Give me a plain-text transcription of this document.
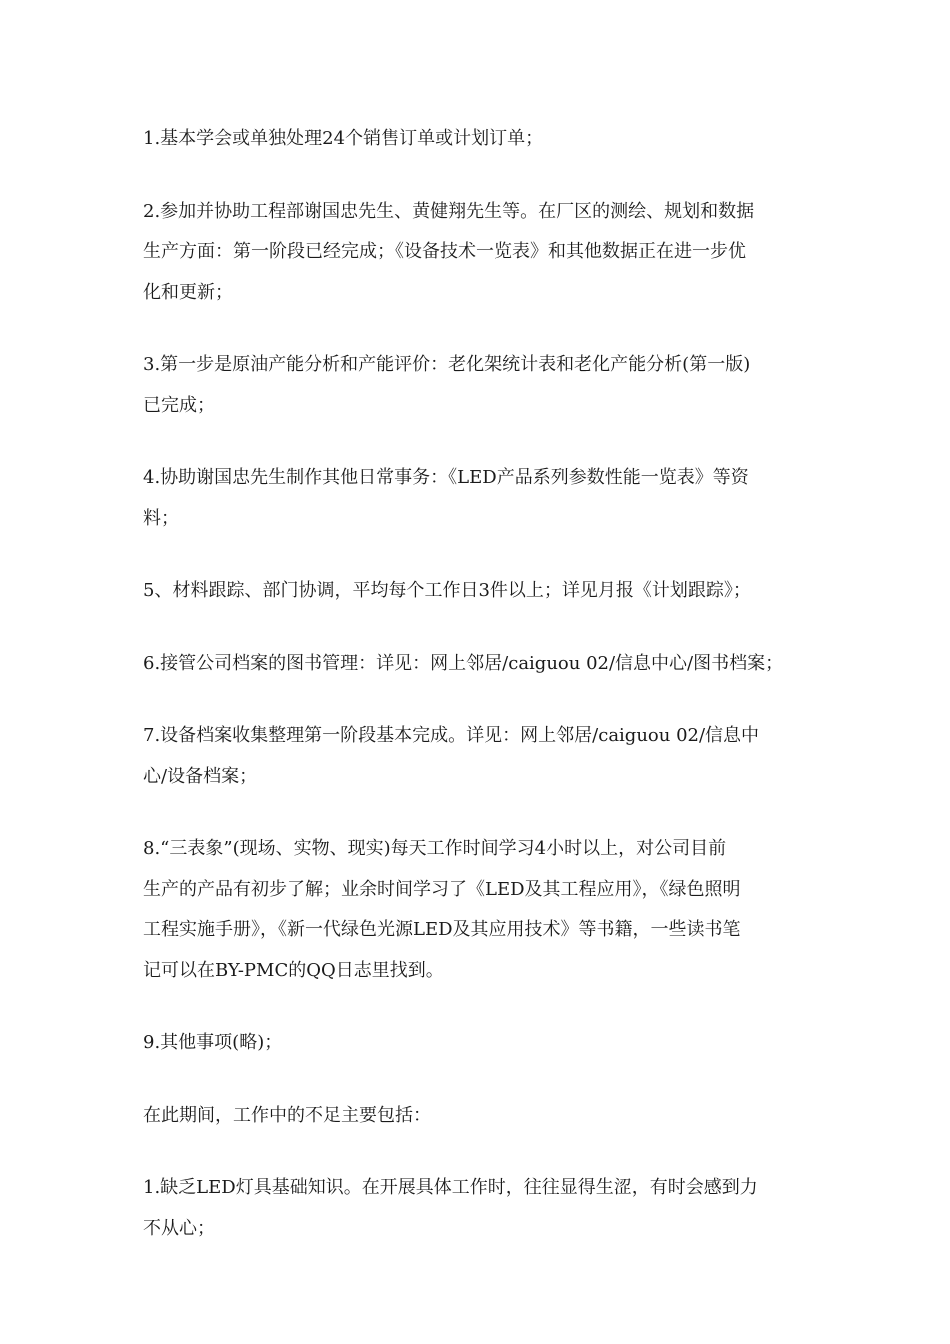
1.基本学会或单独处理24个销售订单或计划订单；

2.参加并协助工程部谢国忠先生、黄健翔先生等。在厂区的测绘、规划和数据
生产方面：第一阶段已经完成；《设备技术一览表》和其他数据正在进一步优
化和更新；

3.第一步是原油产能分析和产能评价：老化架统计表和老化产能分析(第一版)
已完成；

4.协助谢国忠先生制作其他日常事务：《LED产品系列参数性能一览表》等资
料；

5、材料跟踪、部门协调，平均每个工作日3件以上；详见月报《计划跟踪》；

6.接管公司档案的图书管理：详见：网上邻居/caiguou 02/信息中心/图书档案；

7.设备档案收集整理第一阶段基本完成。详见：网上邻居/caiguou 02/信息中
心/设备档案；

8.“三表象”(现场、实物、现实)每天工作时间学习4小时以上，对公司目前
生产的产品有初步了解；业余时间学习了《LED及其工程应用》，《绿色照明
工程实施手册》，《新一代绿色光源LED及其应用技术》等书籍，一些读书笔
记可以在BY-PMC的QQ日志里找到。

9.其他事项(略)；

在此期间，工作中的不足主要包括：

1.缺乏LED灯具基础知识。在开展具体工作时，往往显得生涩，有时会感到力
不从心；
